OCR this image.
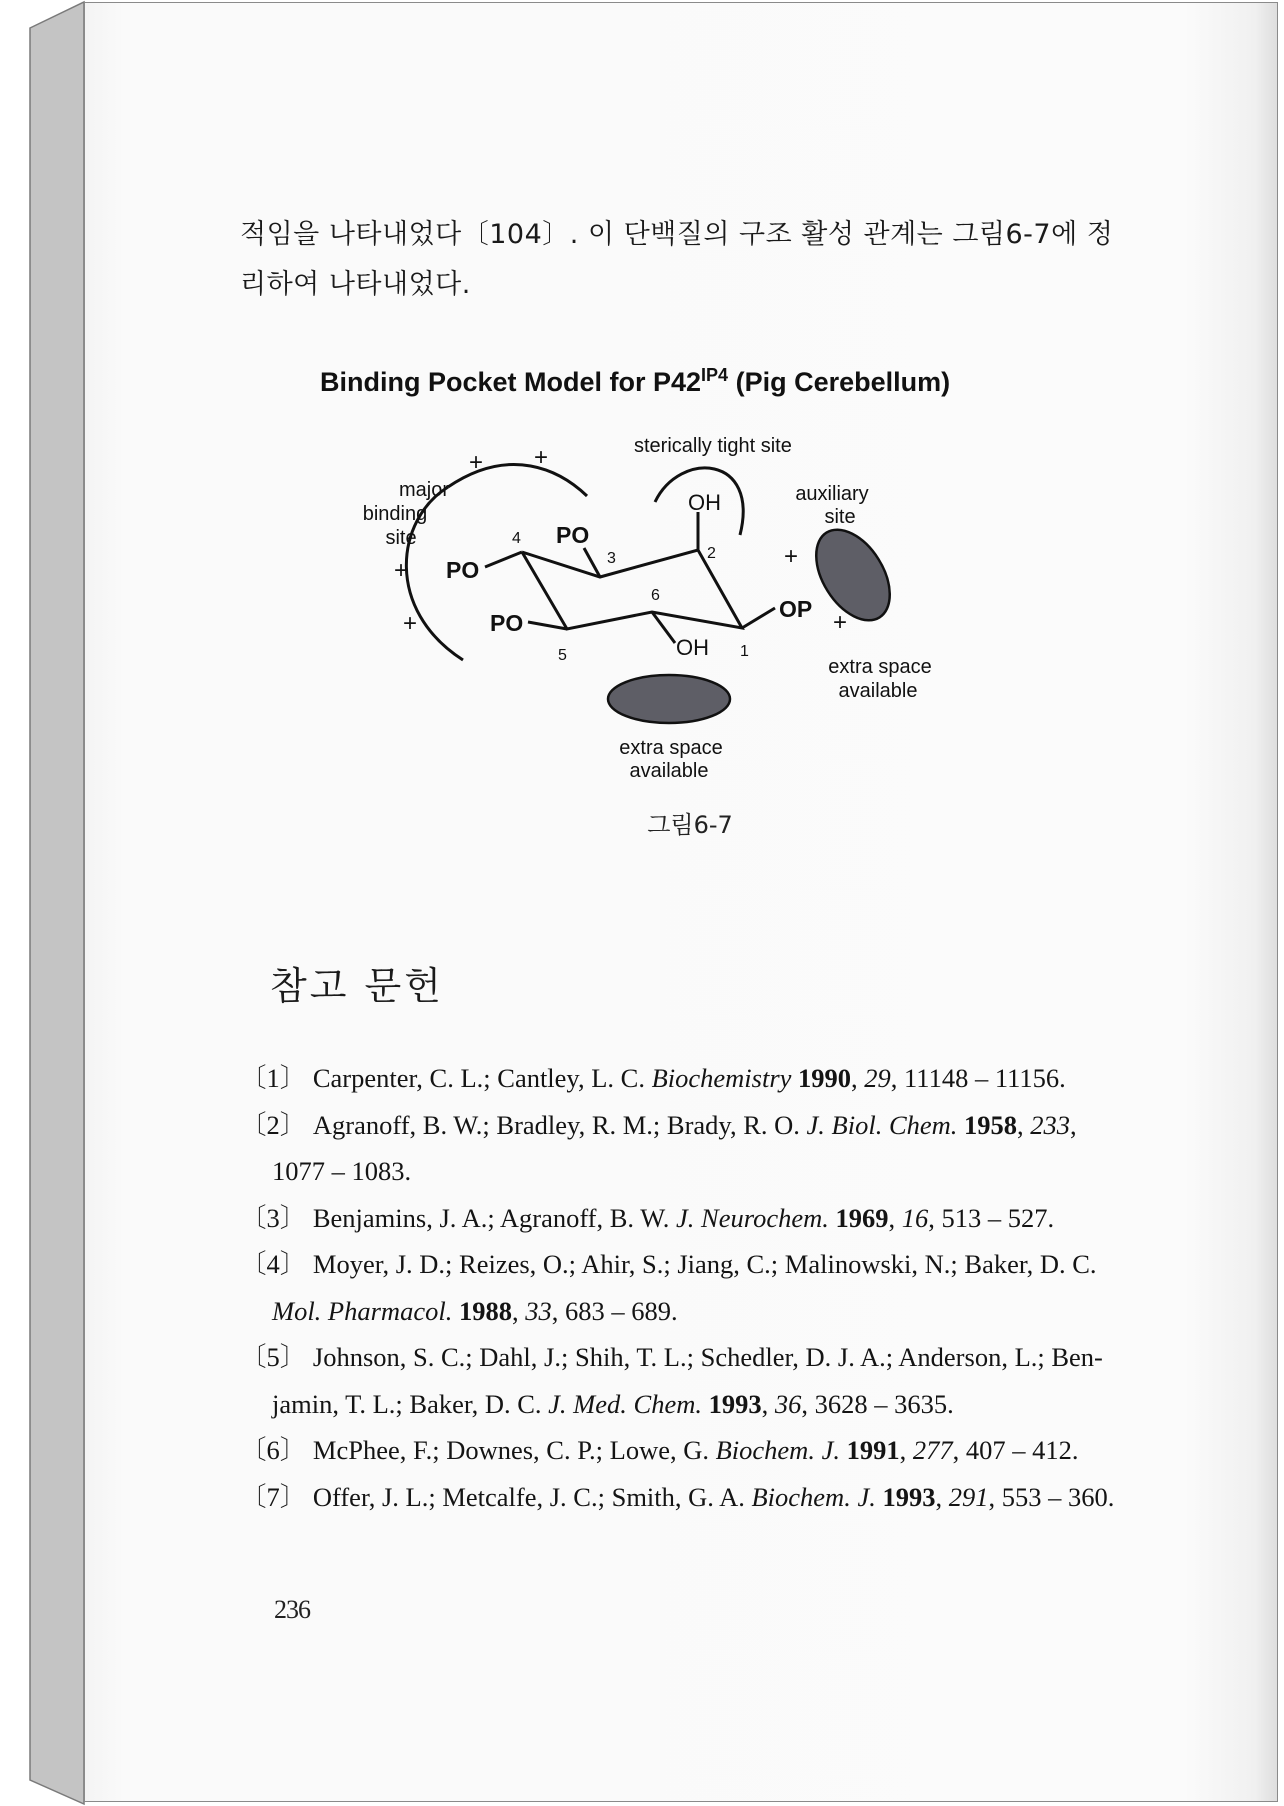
적임을 나타내었다〔104〕. 이 단백질의 구조 활성 관계는 그림6-7에 정
리하여 나타내었다.
Binding Pocket Model for $P42^{IP4}$ (Pig Cerebellum)
sterically tight site
major
binding
site
auxiliary
site
extra space
available
extra space
available
OH
OH
PO
PO
PO
OP
1
2
3
4
5
6
+ +
+
+
+
+
그림6-7
참고 문헌

〔1〕 Carpenter, C. L.; Cantley, L. C. Biochemistry 1990, 29, 11148 – 11156.

〔2〕 Agranoff, B. W.; Bradley, R. M.; Brady, R. O. J. Biol. Chem. 1958, 233,
1077 – 1083.

〔3〕 Benjamins, J. A.; Agranoff, B. W. J. Neurochem. 1969, 16, 513 – 527.

〔4〕 Moyer, J. D.; Reizes, O.; Ahir, S.; Jiang, C.; Malinowski, N.; Baker, D. C.
Mol. Pharmacol. 1988, 33, 683 – 689.

〔5〕 Johnson, S. C.; Dahl, J.; Shih, T. L.; Schedler, D. J. A.; Anderson, L.; Ben-
jamin, T. L.; Baker, D. C. J. Med. Chem. 1993, 36, 3628 – 3635.

〔6〕 McPhee, F.; Downes, C. P.; Lowe, G. Biochem. J. 1991, 277, 407 – 412.

〔7〕 Offer, J. L.; Metcalfe, J. C.; Smith, G. A. Biochem. J. 1993, 291, 553 – 360.

236
